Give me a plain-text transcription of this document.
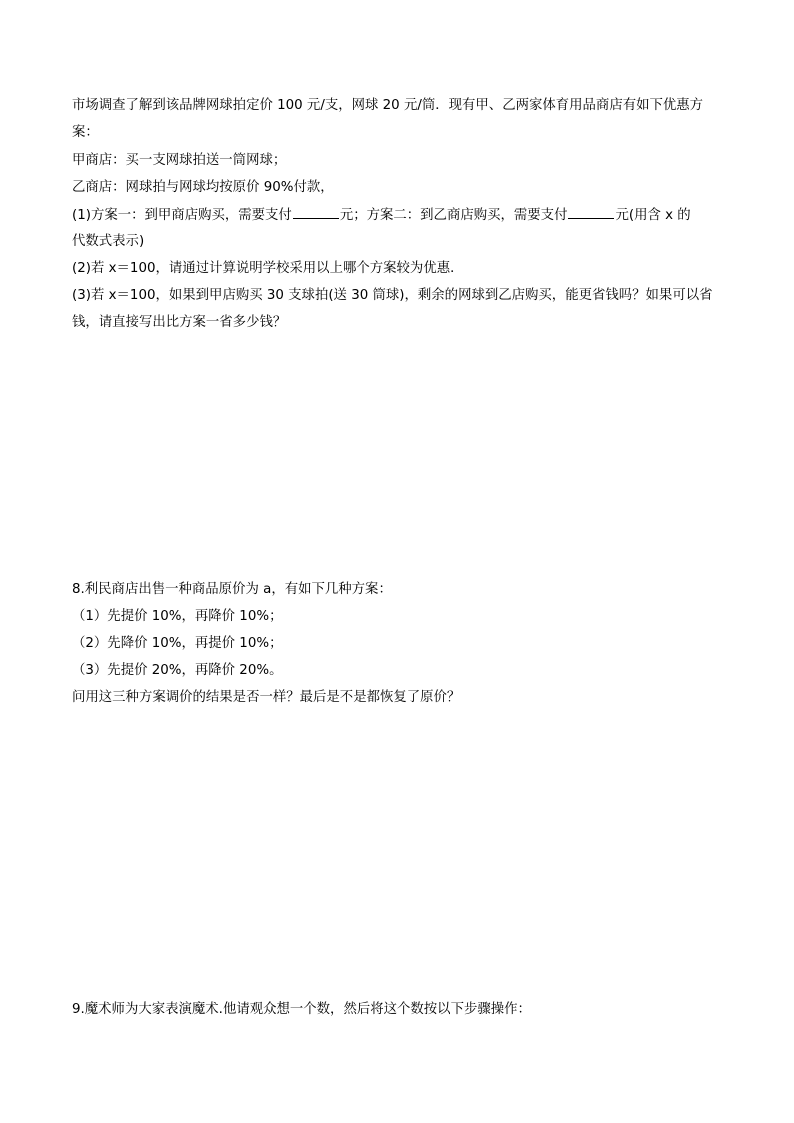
市场调查了解到该品牌网球拍定价 100 元/支，网球 20 元/筒．现有甲、乙两家体育用品商店有如下优惠方
案：
甲商店：买一支网球拍送一筒网球；
乙商店：网球拍与网球均按原价 90%付款，
(1)方案一：到甲商店购买，需要支付	元；方案二：到乙商店购买，需要支付	元(用含 x 的
代数式表示)
(2)若 x＝100，请通过计算说明学校采用以上哪个方案较为优惠．
(3)若 x＝100，如果到甲店购买 30 支球拍(送 30 筒球)，剩余的网球到乙店购买，能更省钱吗？如果可以省
钱，请直接写出比方案一省多少钱？
8.利民商店出售一种商品原价为 a，有如下几种方案：
（1）先提价 10%，再降价 10%；
（2）先降价 10%，再提价 10%；
（3）先提价 20%，再降价 20%。
问用这三种方案调价的结果是否一样？最后是不是都恢复了原价？
9.魔术师为大家表演魔术.他请观众想一个数，然后将这个数按以下步骤操作：
